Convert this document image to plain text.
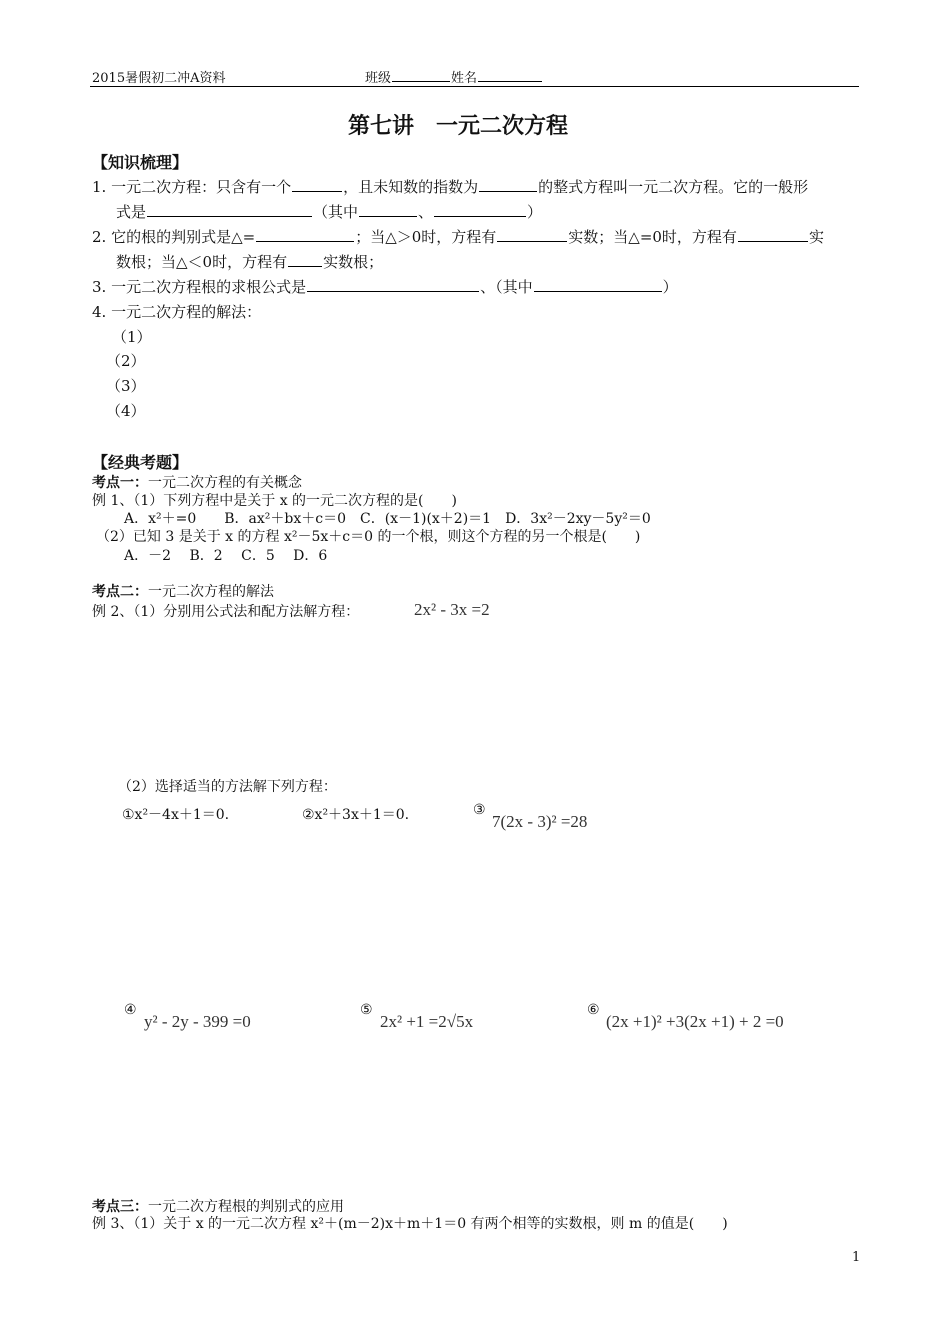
2015暑假初二冲A资料	班级	姓名
第七讲　一元二次方程
【知识梳理】
1. 一元二次方程：只含有一个	，且未知数的指数为	的整式方程叫一元二次方程。它的一般形
式是	（其中	、	）
2. 它的根的判别式是△=	；当△＞0时，方程有	实数；当△=0时，方程有	实
数根；当△＜0时，方程有 实数根；
3. 一元二次方程根的求根公式是	、（其中	）
4. 一元二次方程的解法：
（1）
（2）
（3）
（4）
【经典考题】
考点一：一元二次方程的有关概念
例 1、（1）下列方程中是关于 x 的一元二次方程的是(　　)
A．x²＋=0　　B．ax²＋bx＋c＝0　C．(x－1)(x＋2)＝1　D．3x²－2xy－5y²＝0
（2）已知 3 是关于 x 的方程 x²－5x＋c＝0 的一个根，则这个方程的另一个根是(　　)
A．－2　 B．2　 C．5　 D．6
考点二：一元二次方程的解法
例 2、（1）分别用公式法和配方法解方程：	2x² - 3x =2
（2）选择适当的方法解下列方程：
①x²－4x＋1＝0.	②x²＋3x＋1＝0.	③
7(2x - 3)² =28
④
y² - 2y - 399 =0
⑤
2x² +1 =2√5x
⑥
(2x +1)² +3(2x +1) + 2 =0
考点三：一元二次方程根的判别式的应用
例 3、（1）关于 x 的一元二次方程 x²＋(m－2)x＋m＋1＝0 有两个相等的实数根，则 m 的值是(　　)
1
